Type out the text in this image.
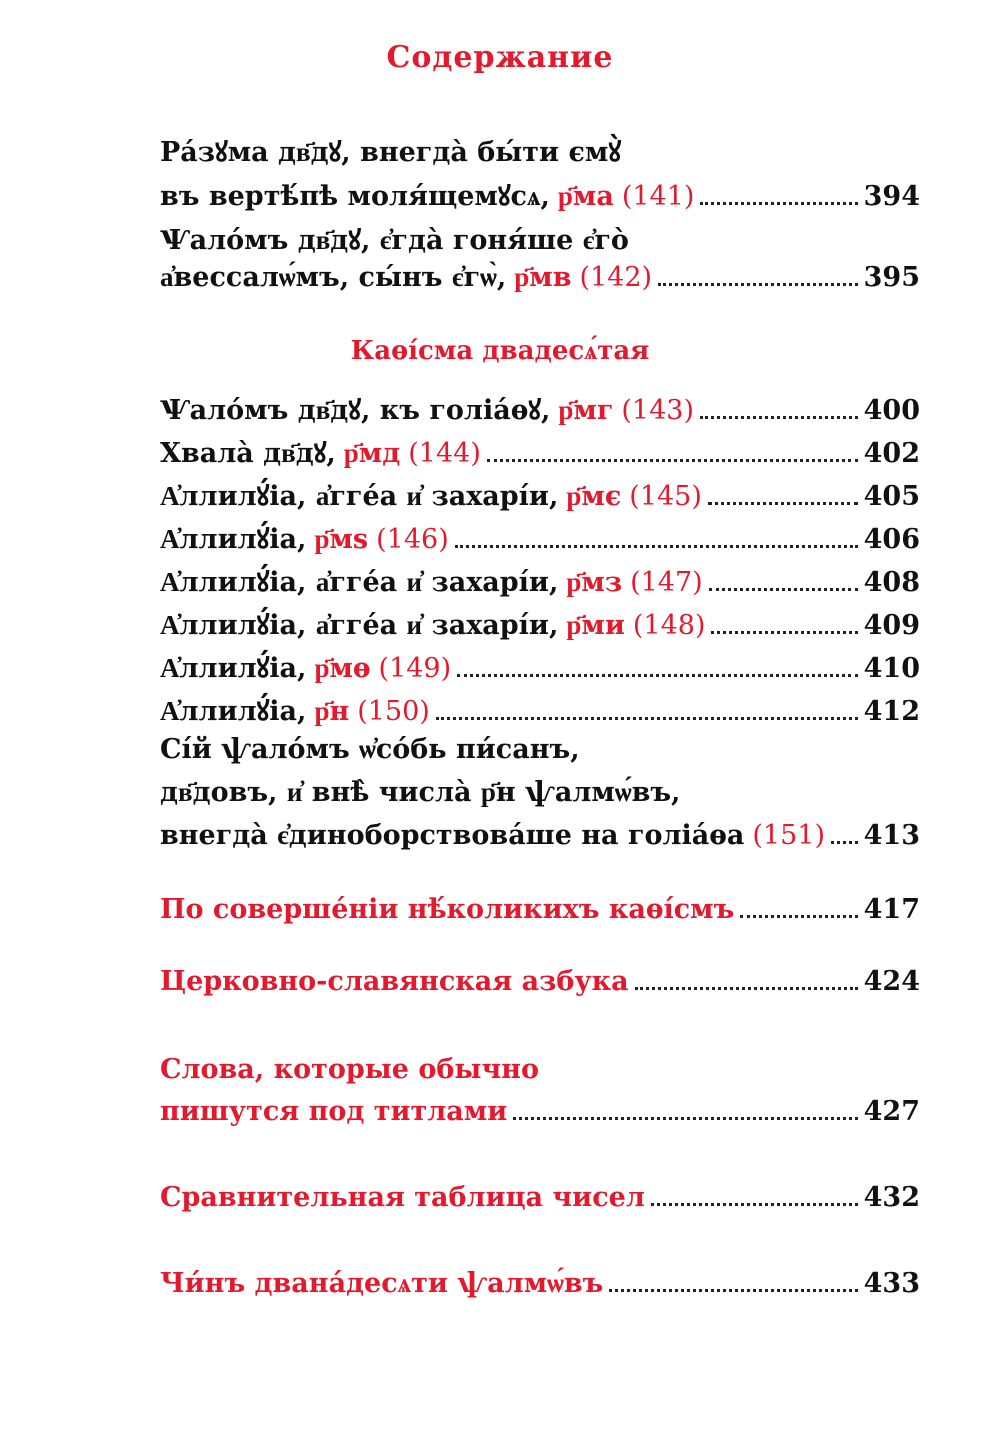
Содержание
Ра́зꙋма дв҃дꙋ, внегда̀ бы́ти ємꙋ̀
въ вертѣ́пѣ моля́щемꙋсѧ, р҃ма (141)	394
Ѱало́мъ дв҃дꙋ, є҆гда̀ гоня́ше є҆го̀
а҆вессалѡ́мъ, сы́нъ є҆гѡ̀, р҃мв (142)	395
Каѳі́сма двадесѧ́тая
Ѱало́мъ дв҃дꙋ, къ голіа́ѳꙋ, р҃мг (143)	400
Хвала̀ дв҃дꙋ, р҃мд (144)	402
А҆ллилꙋ́іа, а҆гге́а и҆ захарі́и, р҃мє (145)	405
А҆ллилꙋ́іа, р҃мѕ (146)	406
А҆ллилꙋ́іа, а҆гге́а и҆ захарі́и, р҃мз (147)	408
А҆ллилꙋ́іа, а҆гге́а и҆ захарі́и, р҃ми (148)	409
А҆ллилꙋ́іа, р҃мѳ (149)	410
А҆ллилꙋ́іа, р҃н (150)	412
Сі́й ѱало́мъ ѡ҆со́бь пи́санъ,
дв҃довъ, и҆ внѣ̀ числа̀ р҃н ѱалмѡ́въ,
внегда̀ є҆диноборствова́ше на голіа́ѳа (151) 413
По соверше́ніи нѣ́коликихъ каѳі́смъ	417
Церковно-славянская азбука	424
Слова, которые обычно
пишутся под титлами	427
Сравнительная таблица чисел	432
Чи́нъ двана́десѧти ѱалмѡ́въ	433
